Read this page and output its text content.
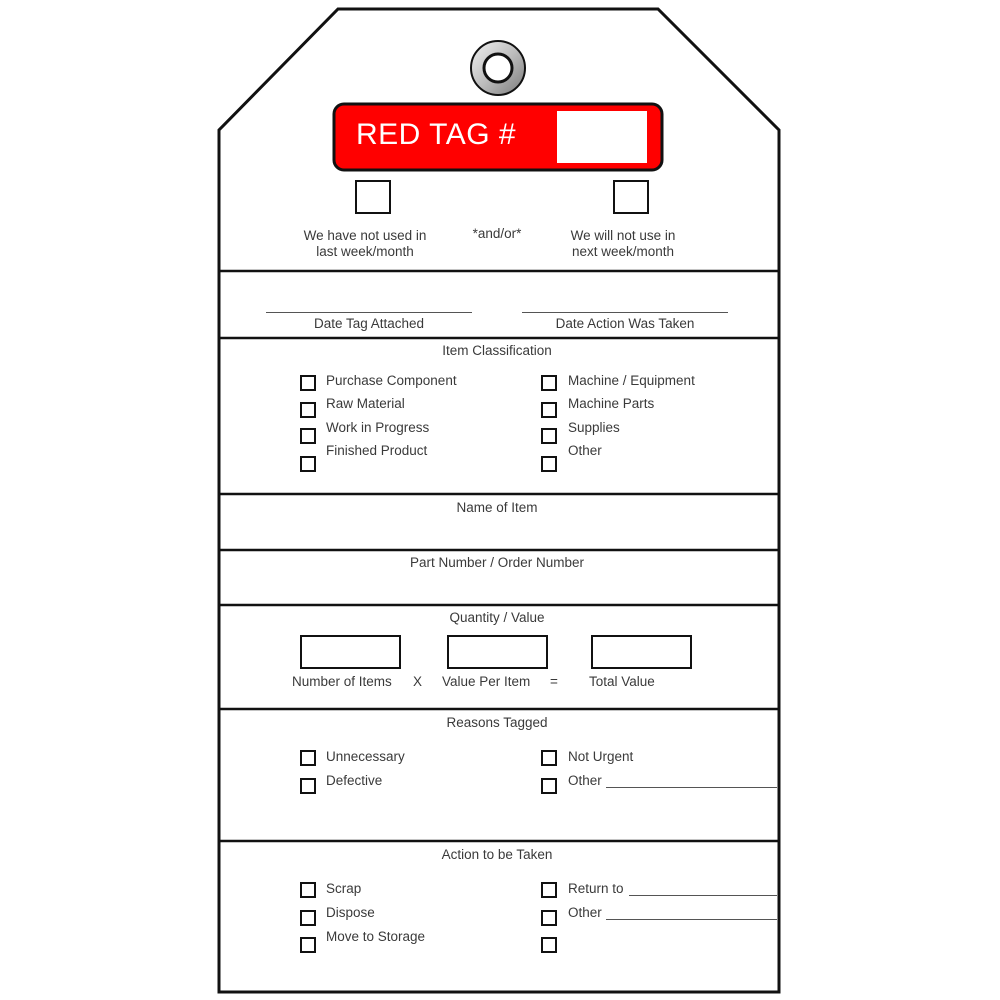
RED TAG #
We have not used in
last week/month
*and/or*	We will not use in
next week/month
Date Tag Attached	Date Action Was Taken
Item Classification
Purchase Component
Raw Material
Work in Progress
Finished Product
Machine / Equipment
Machine Parts
Supplies
Other
Name of Item
Part Number / Order Number
Quantity / Value
Number of Items X Value Per Item = Total Value
Reasons Tagged
Unnecessary
Defective
Not Urgent
Other
Action to be Taken
Scrap
Dispose
Move to Storage
Return to
Other
